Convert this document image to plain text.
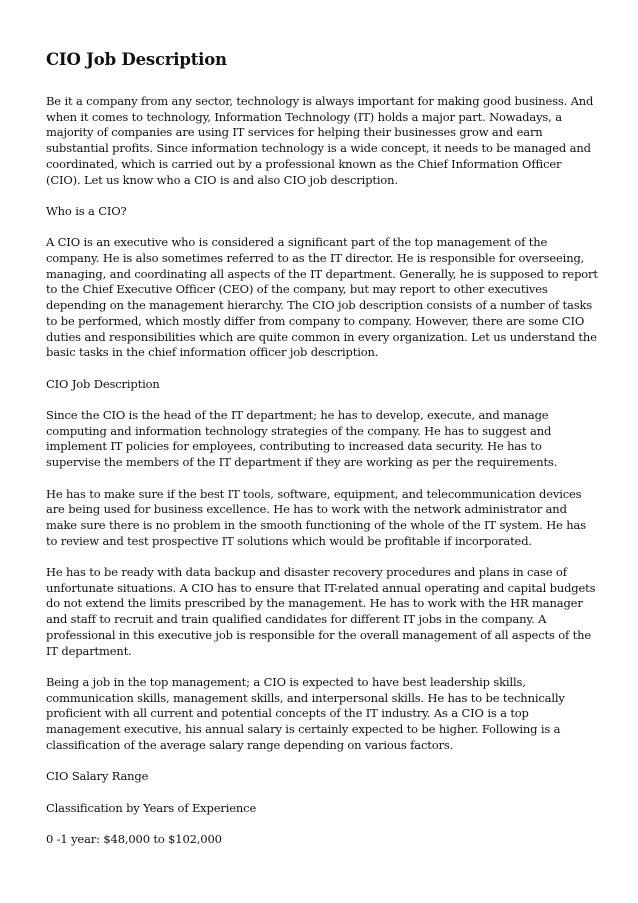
CIO Job Description

Be it a company from any sector, technology is always important for making good business. And when it comes to technology, Information Technology (IT) holds a major part. Nowadays, a majority of companies are using IT services for helping their businesses grow and earn substantial profits. Since information technology is a wide concept, it needs to be managed and coordinated, which is carried out by a professional known as the Chief Information Officer (CIO). Let us know who a CIO is and also CIO job description.

Who is a CIO?

A CIO is an executive who is considered a significant part of the top management of the company. He is also sometimes referred to as the IT director. He is responsible for overseeing, managing, and coordinating all aspects of the IT department. Generally, he is supposed to report to the Chief Executive Officer (CEO) of the company, but may report to other executives depending on the management hierarchy. The CIO job description consists of a number of tasks to be performed, which mostly differ from company to company. However, there are some CIO duties and responsibilities which are quite common in every organization. Let us understand the basic tasks in the chief information officer job description.

CIO Job Description

Since the CIO is the head of the IT department; he has to develop, execute, and manage computing and information technology strategies of the company. He has to suggest and implement IT policies for employees, contributing to increased data security. He has to supervise the members of the IT department if they are working as per the requirements.

He has to make sure if the best IT tools, software, equipment, and telecommunication devices are being used for business excellence. He has to work with the network administrator and make sure there is no problem in the smooth functioning of the whole of the IT system. He has to review and test prospective IT solutions which would be profitable if incorporated.

He has to be ready with data backup and disaster recovery procedures and plans in case of unfortunate situations. A CIO has to ensure that IT-related annual operating and capital budgets do not extend the limits prescribed by the management. He has to work with the HR manager and staff to recruit and train qualified candidates for different IT jobs in the company. A professional in this executive job is responsible for the overall management of all aspects of the IT department.

Being a job in the top management; a CIO is expected to have best leadership skills, communication skills, management skills, and interpersonal skills. He has to be technically proficient with all current and potential concepts of the IT industry. As a CIO is a top management executive, his annual salary is certainly expected to be higher. Following is a classification of the average salary range depending on various factors.

CIO Salary Range

Classification by Years of Experience

0 -1 year: $48,000 to $102,000
